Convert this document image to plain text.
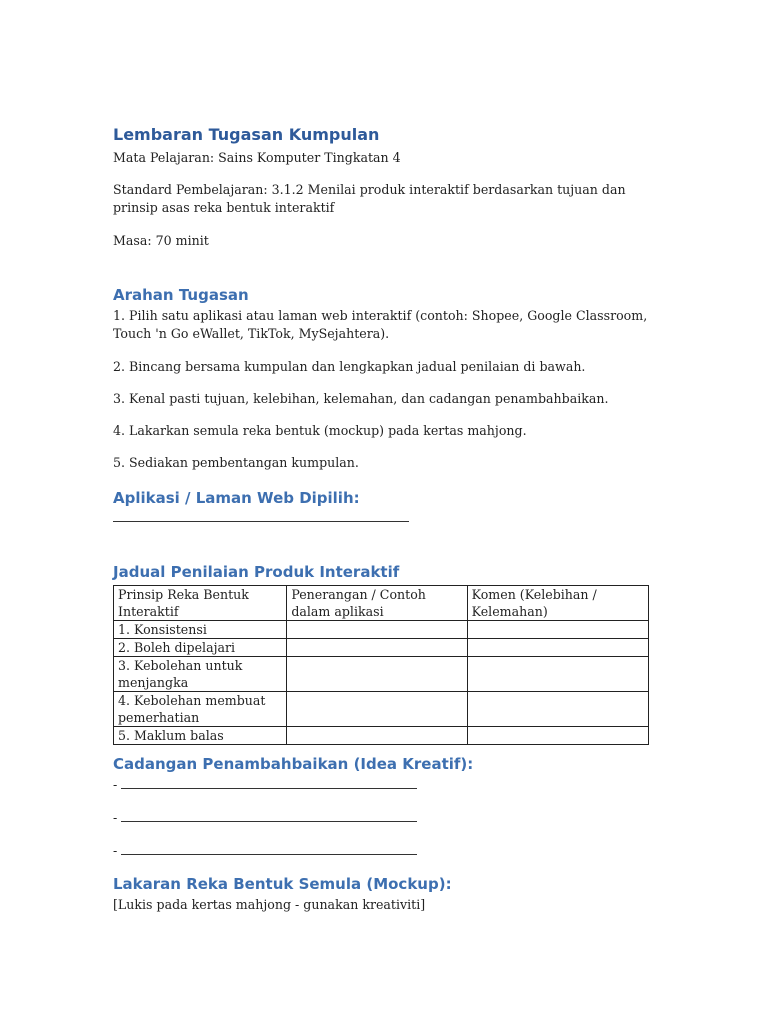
Lembaran Tugasan Kumpulan

Mata Pelajaran: Sains Komputer Tingkatan 4

Standard Pembelajaran: 3.1.2 Menilai produk interaktif berdasarkan tujuan dan prinsip asas reka bentuk interaktif

Masa: 70 minit

Arahan Tugasan

1. Pilih satu aplikasi atau laman web interaktif (contoh: Shopee, Google Classroom, Touch 'n Go eWallet, TikTok, MySejahtera).

2. Bincang bersama kumpulan dan lengkapkan jadual penilaian di bawah.

3. Kenal pasti tujuan, kelebihan, kelemahan, dan cadangan penambahbaikan.

4. Lakarkan semula reka bentuk (mockup) pada kertas mahjong.

5. Sediakan pembentangan kumpulan.

Aplikasi / Laman Web Dipilih:
Jadual Penilaian Produk Interaktif
Prinsip Reka Bentuk Interaktif	Penerangan / Contoh dalam aplikasi	Komen (Kelebihan / Kelemahan)
1. Konsistensi		
2. Boleh dipelajari		
3. Kebolehan untuk menjangka		
4. Kebolehan membuat pemerhatian		
5. Maklum balas		
Cadangan Penambahbaikan (Idea Kreatif):
-
-
-
Lakaran Reka Bentuk Semula (Mockup):

[Lukis pada kertas mahjong - gunakan kreativiti]
